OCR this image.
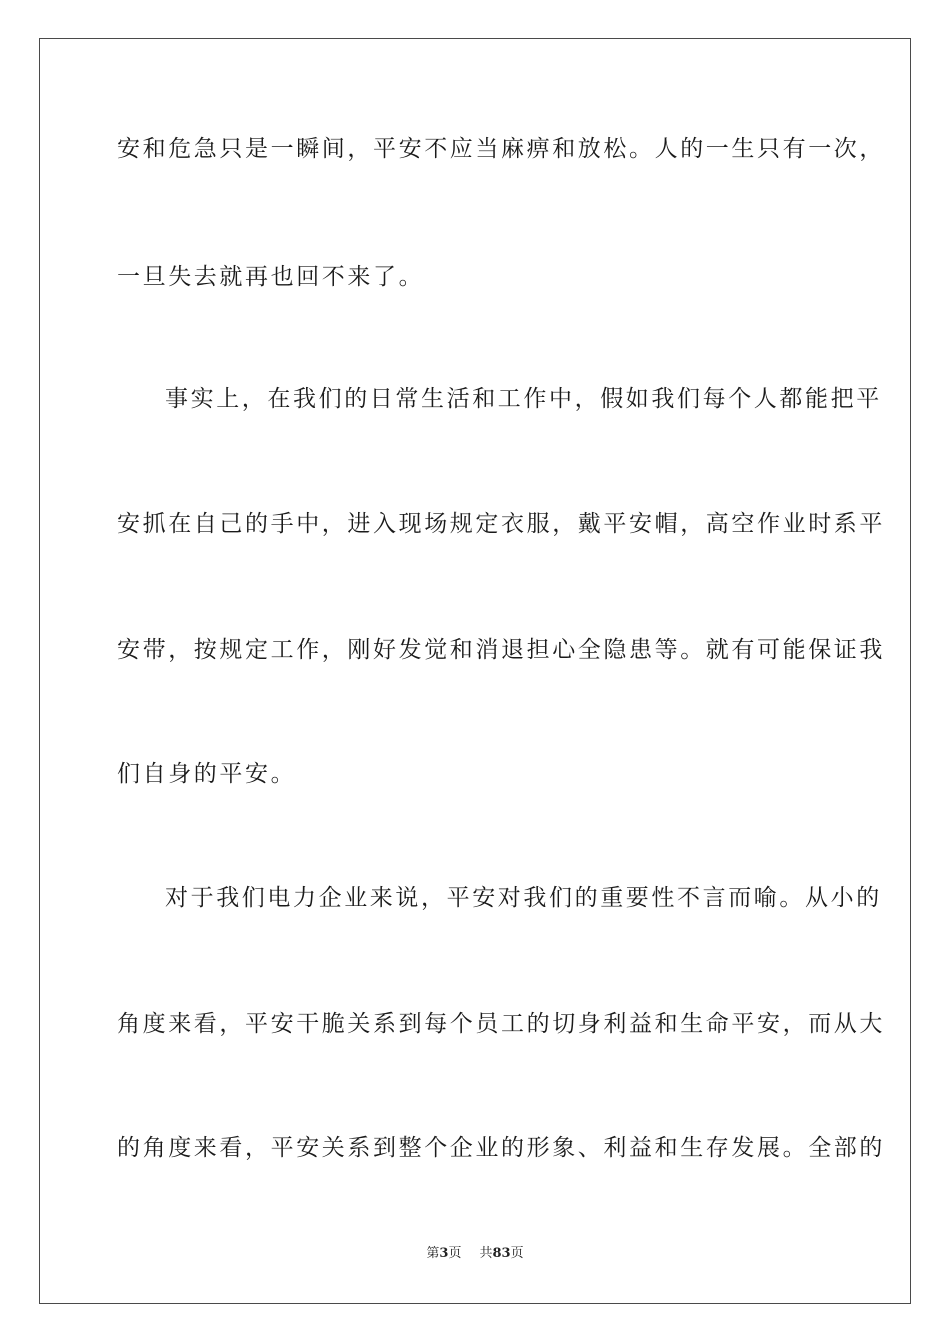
安和危急只是一瞬间，平安不应当麻痹和放松。人的一生只有一次，
一旦失去就再也回不来了。
事实上，在我们的日常生活和工作中，假如我们每个人都能把平
安抓在自己的手中，进入现场规定衣服，戴平安帽，高空作业时系平
安带，按规定工作，刚好发觉和消退担心全隐患等。就有可能保证我
们自身的平安。
对于我们电力企业来说，平安对我们的重要性不言而喻。从小的
角度来看，平安干脆关系到每个员工的切身利益和生命平安，而从大
的角度来看，平安关系到整个企业的形象、利益和生存发展。全部的
第3页 共83页
